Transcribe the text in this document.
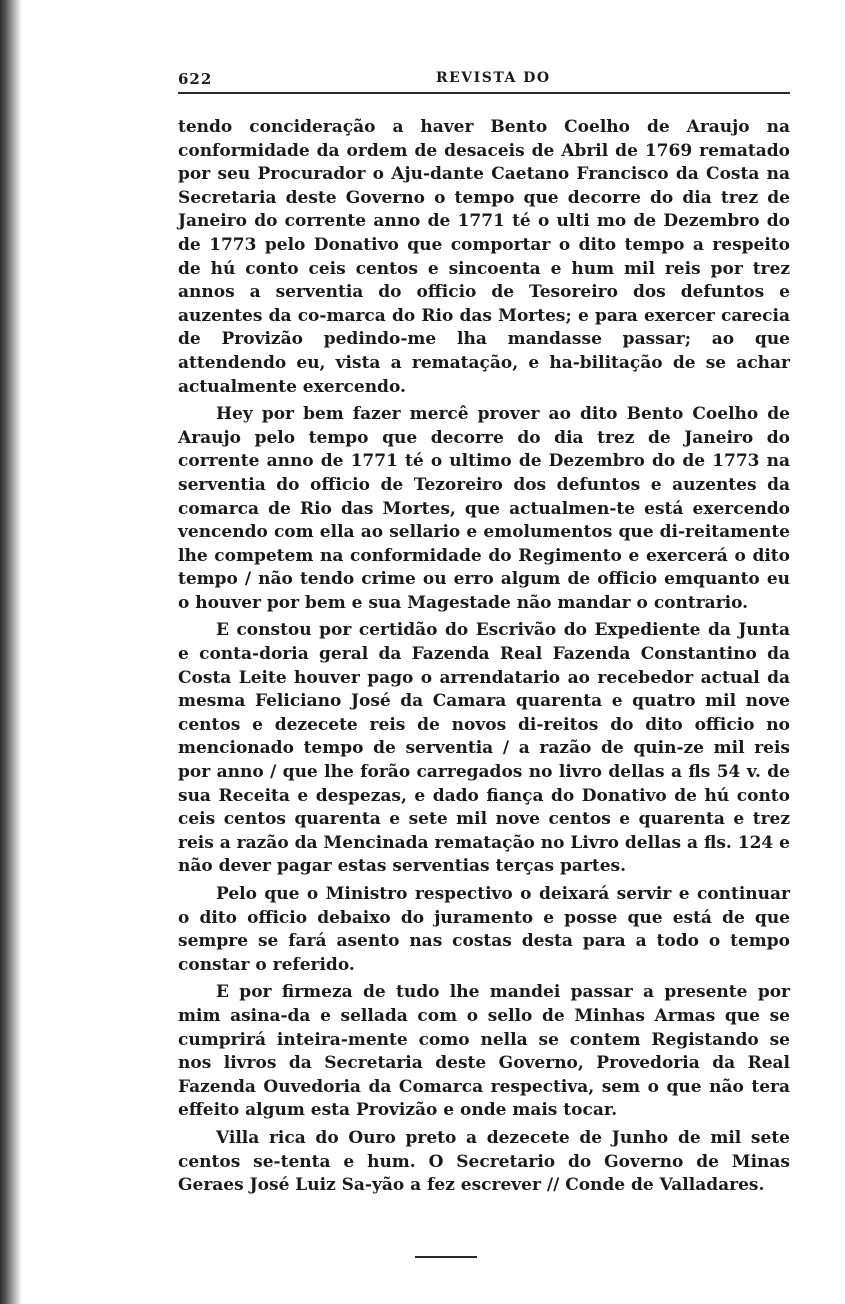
622	REVISTA DO

tendo concideração a haver Bento Coelho de Araujo na conformidade da ordem de desaceis de Abril de 1769 rematado por seu Procurador o Aju-dante Caetano Francisco da Costa na Secretaria deste Governo o tempo que decorre do dia trez de Janeiro do corrente anno de 1771 té o ulti mo de Dezembro do de 1773 pelo Donativo que comportar o dito tempo a respeito de hú conto ceis centos e sincoenta e hum mil reis por trez annos a serventia do officio de Tesoreiro dos defuntos e auzentes da co-marca do Rio das Mortes; e para exercer carecia de Provizão pedindo-me lha mandasse passar; ao que attendendo eu, vista a rematação, e ha-bilitação de se achar actualmente exercendo.

Hey por bem fazer mercê prover ao dito Bento Coelho de Araujo pelo tempo que decorre do dia trez de Janeiro do corrente anno de 1771 té o ultimo de Dezembro do de 1773 na serventia do officio de Tezoreiro dos defuntos e auzentes da comarca de Rio das Mortes, que actualmen-te está exercendo vencendo com ella ao sellario e emolumentos que di-reitamente lhe competem na conformidade do Regimento e exercerá o dito tempo / não tendo crime ou erro algum de officio emquanto eu o houver por bem e sua Magestade não mandar o contrario.

E constou por certidão do Escrivão do Expediente da Junta e conta-doria geral da Fazenda Real Fazenda Constantino da Costa Leite houver pago o arrendatario ao recebedor actual da mesma Feliciano José da Camara quarenta e quatro mil nove centos e dezecete reis de novos di-reitos do dito officio no mencionado tempo de serventia / a razão de quin-ze mil reis por anno / que lhe forão carregados no livro dellas a fls 54 v. de sua Receita e despezas, e dado fiança do Donativo de hú conto ceis centos quarenta e sete mil nove centos e quarenta e trez reis a razão da Mencinada rematação no Livro dellas a fls. 124 e não dever pagar estas serventias terças partes.

Pelo que o Ministro respectivo o deixará servir e continuar o dito officio debaixo do juramento e posse que está de que sempre se fará asento nas costas desta para a todo o tempo constar o referido.

E por firmeza de tudo lhe mandei passar a presente por mim asina-da e sellada com o sello de Minhas Armas que se cumprirá inteira-mente como nella se contem Registando se nos livros da Secretaria deste Governo, Provedoria da Real Fazenda Ouvedoria da Comarca respectiva, sem o que não tera effeito algum esta Provizão e onde mais tocar.

Villa rica do Ouro preto a dezecete de Junho de mil sete centos se-tenta e hum. O Secretario do Governo de Minas Geraes José Luiz Sa-yão a fez escrever // Conde de Valladares.
